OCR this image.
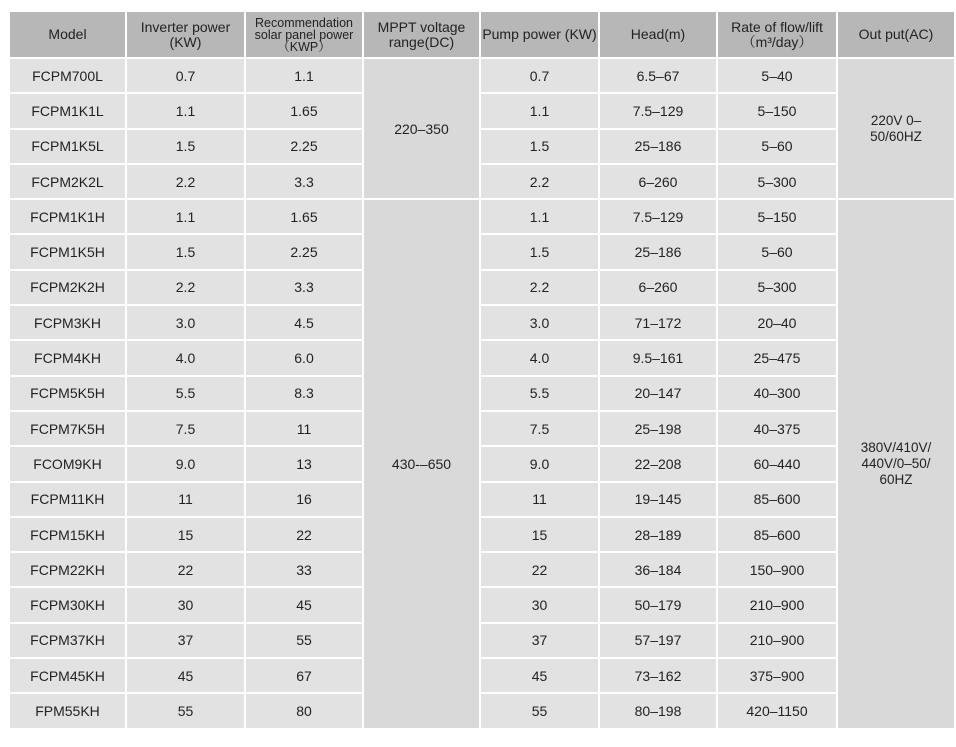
Model	Inverter power (KW)	Recommendation solar panel power（KWP）	MPPT voltage range(DC)	Pump power (KW)	Head(m)	Rate of flow/lift（m³/day）	Out put(AC)
FCPM700L	0.7	1.1	220–350	0.7	6.5–67	5–40	220V 0–50/60HZ
FCPM1K1L	1.1	1.65		1.1	7.5–129	5–150	
FCPM1K5L	1.5	2.25		1.5	25–186	5–60	
FCPM2K2L	2.2	3.3		2.2	6–260	5–300	
FCPM1K1H	1.1	1.65	430-–650	1.1	7.5–129	5–150	380V/410V/ 440V/0–50/ 60HZ
FCPM1K5H	1.5	2.25		1.5	25–186	5–60	
FCPM2K2H	2.2	3.3		2.2	6–260	5–300	
FCPM3KH	3.0	4.5		3.0	71–172	20–40	
FCPM4KH	4.0	6.0		4.0	9.5–161	25–475	
FCPM5K5H	5.5	8.3		5.5	20–147	40–300	
FCPM7K5H	7.5	11		7.5	25–198	40–375	
FCOM9KH	9.0	13		9.0	22–208	60–440	
FCPM11KH	11	16		11	19–145	85–600	
FCPM15KH	15	22		15	28–189	85–600	
FCPM22KH	22	33		22	36–184	150–900	
FCPM30KH	30	45		30	50–179	210–900	
FCPM37KH	37	55		37	57–197	210–900	
FCPM45KH	45	67		45	73–162	375–900	
FPM55KH	55	80		55	80–198	420–1150	
